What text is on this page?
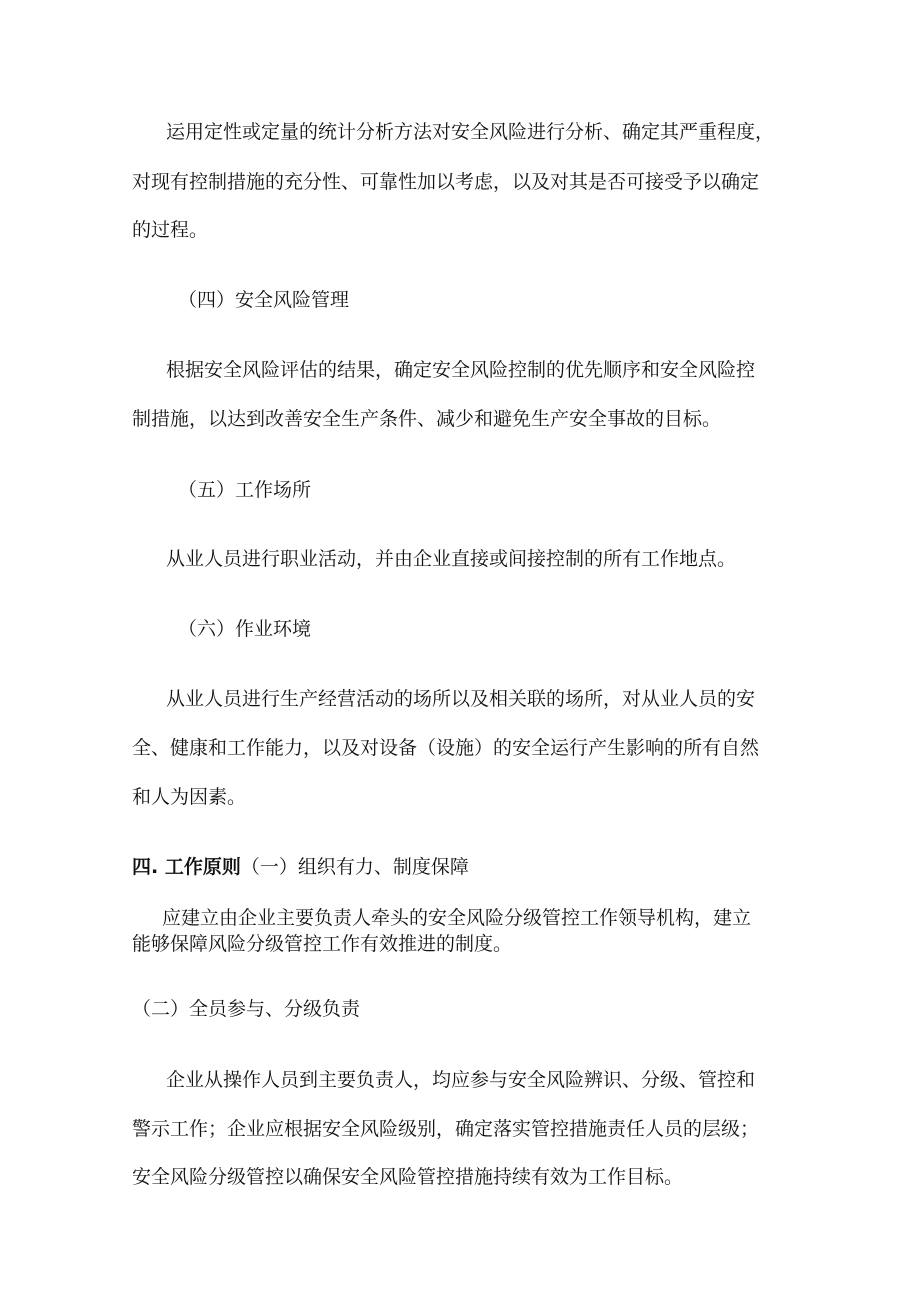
运用定性或定量的统计分析方法对安全风险进行分析、确定其严重程度，
对现有控制措施的充分性、可靠性加以考虑，以及对其是否可接受予以确定
的过程。
（四）安全风险管理
根据安全风险评估的结果，确定安全风险控制的优先顺序和安全风险控
制措施，以达到改善安全生产条件、减少和避免生产安全事故的目标。
（五）工作场所
从业人员进行职业活动，并由企业直接或间接控制的所有工作地点。
（六）作业环境
从业人员进行生产经营活动的场所以及相关联的场所，对从业人员的安
全、健康和工作能力，以及对设备（设施）的安全运行产生影响的所有自然
和人为因素。
四. 工作原则（一）组织有力、制度保障
应建立由企业主要负责人牵头的安全风险分级管控工作领导机构，建立
能够保障风险分级管控工作有效推进的制度。
（二）全员参与、分级负责
企业从操作人员到主要负责人，均应参与安全风险辨识、分级、管控和
警示工作；企业应根据安全风险级别，确定落实管控措施责任人员的层级；
安全风险分级管控以确保安全风险管控措施持续有效为工作目标。
